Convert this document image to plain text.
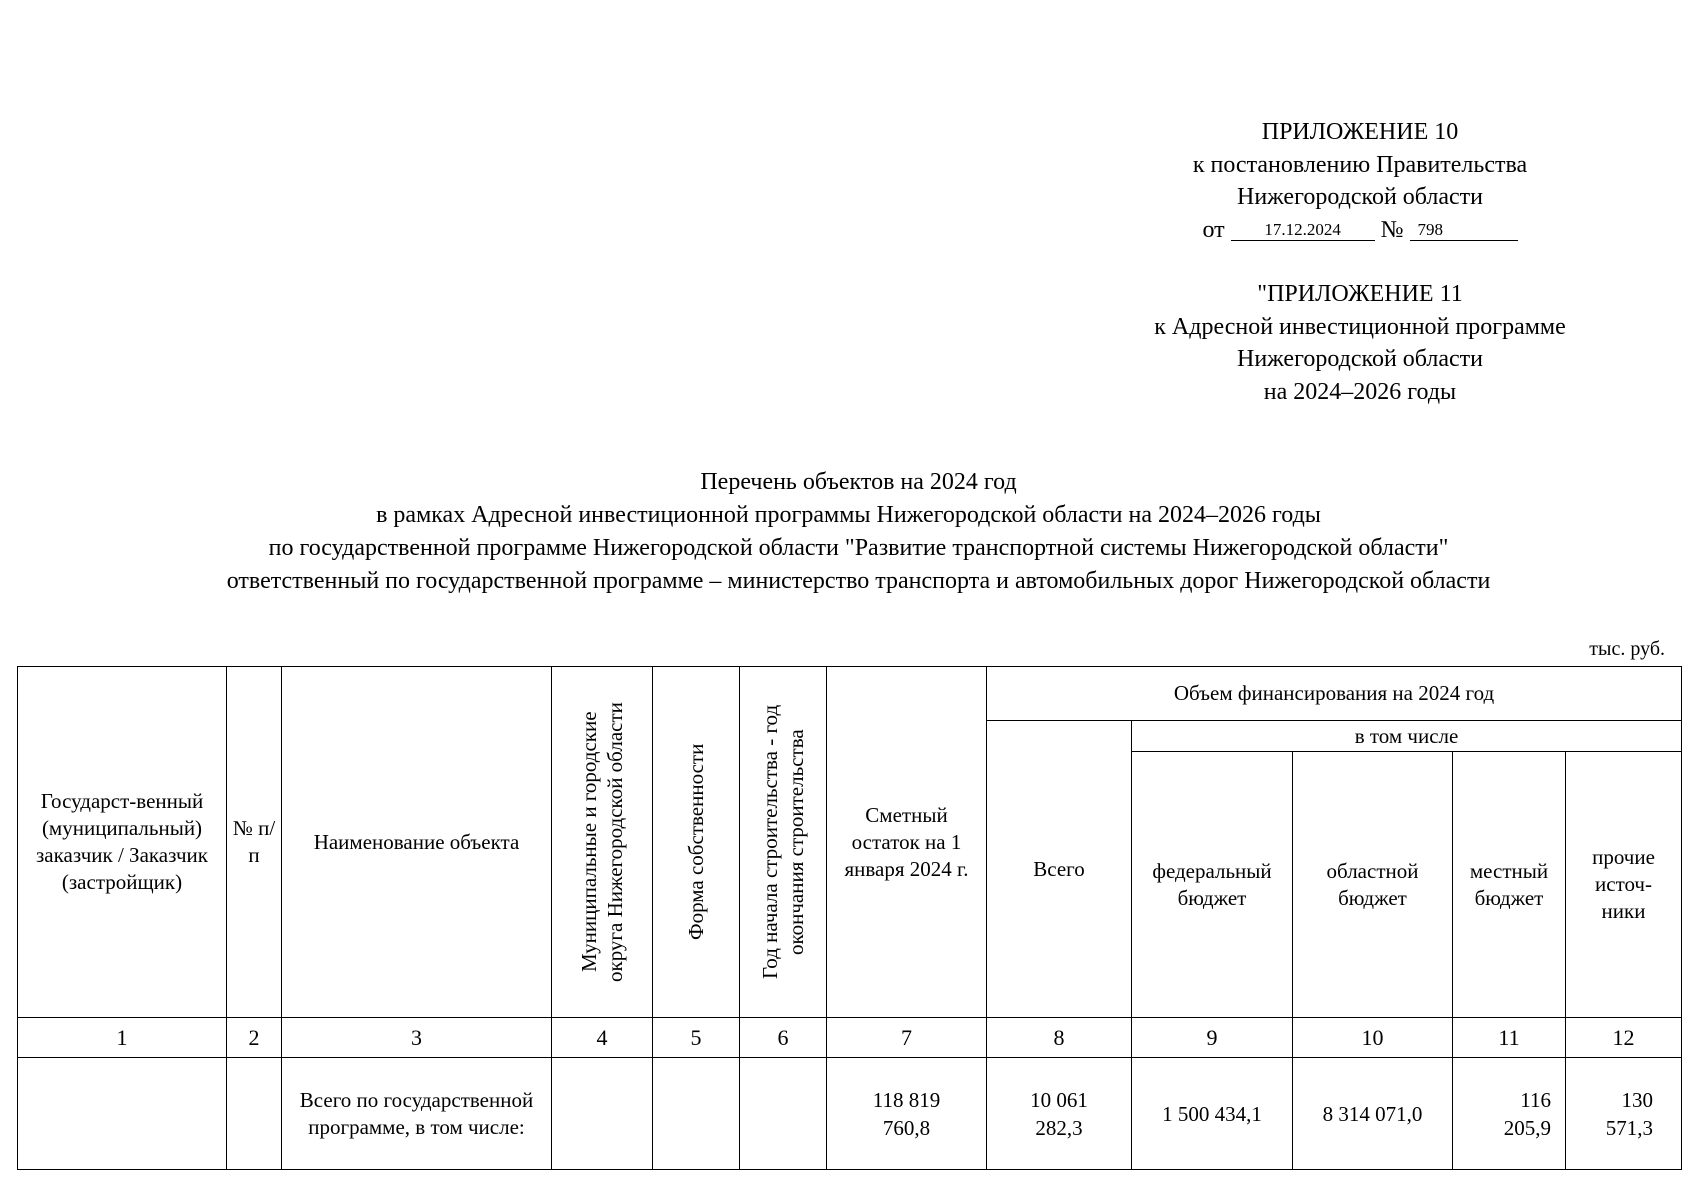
ПРИЛОЖЕНИЕ 10
к постановлению Правительства
Нижегородской области
от 17.12.2024 № 798
"ПРИЛОЖЕНИЕ 11
к Адресной инвестиционной программе
Нижегородской области
на 2024–2026 годы
Перечень объектов на 2024 год
в рамках Адресной инвестиционной программы Нижегородской области на 2024–2026 годы
по государственной программе Нижегородской области "Развитие транспортной системы Нижегородской области"
ответственный по государственной программе – министерство транспорта и автомобильных дорог Нижегородской области
тыс. руб.
Государст-венный (муниципальный) заказчик / Заказчик (застройщик)	№ п/п	Наименование объекта	Муниципальные и городские округа Нижегородской области	Форма собственности	Год начала строительства - год окончания строительства	Сметный остаток на 1 января 2024 г.	Объем финансирования на 2024 год				
							Всего	в том числе			
								федеральный бюджет	областной бюджет	местный бюджет	прочие источ-ники
1	2	3	4	5	6	7	8	9	10	11	12
		Всего по государственной программе, в том числе:				118 819 760,8	10 061 282,3	1 500 434,1	8 314 071,0	116 205,9	130 571,3
